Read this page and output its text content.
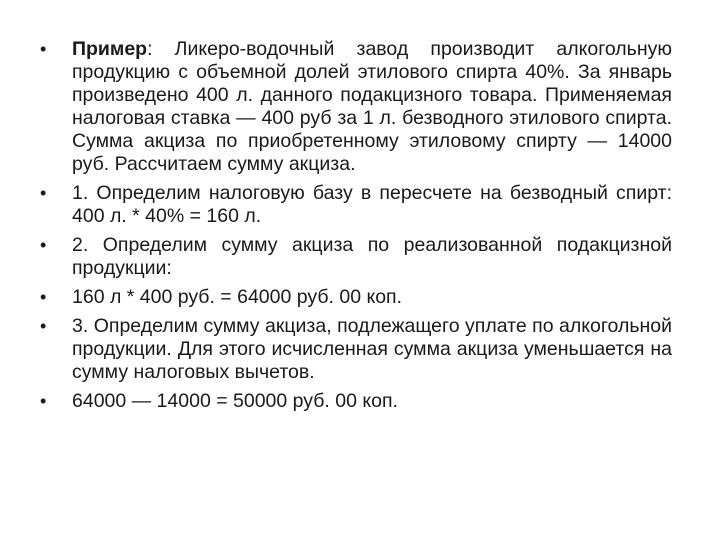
• Пример: Ликеро-водочный завод производит алкогольную продукцию с объемной долей этилового спирта 40%. За январь произведено 400 л. данного подакцизного товара. Применяемая налоговая ставка — 400 руб за 1 л. безводного этилового спирта. Сумма акциза по приобретенному этиловому спирту — 14000 руб. Рассчитаем сумму акциза.
• 1. Определим налоговую базу в пересчете на безводный спирт: 400 л. * 40% = 160 л.
• 2. Определим сумму акциза по реализованной подакцизной продукции:
• 160 л * 400 руб. = 64000 руб. 00 коп.
• 3. Определим сумму акциза, подлежащего уплате по алкогольной продукции. Для этого исчисленная сумма акциза уменьшается на сумму налоговых вычетов.
• 64000 — 14000 = 50000 руб. 00 коп.
